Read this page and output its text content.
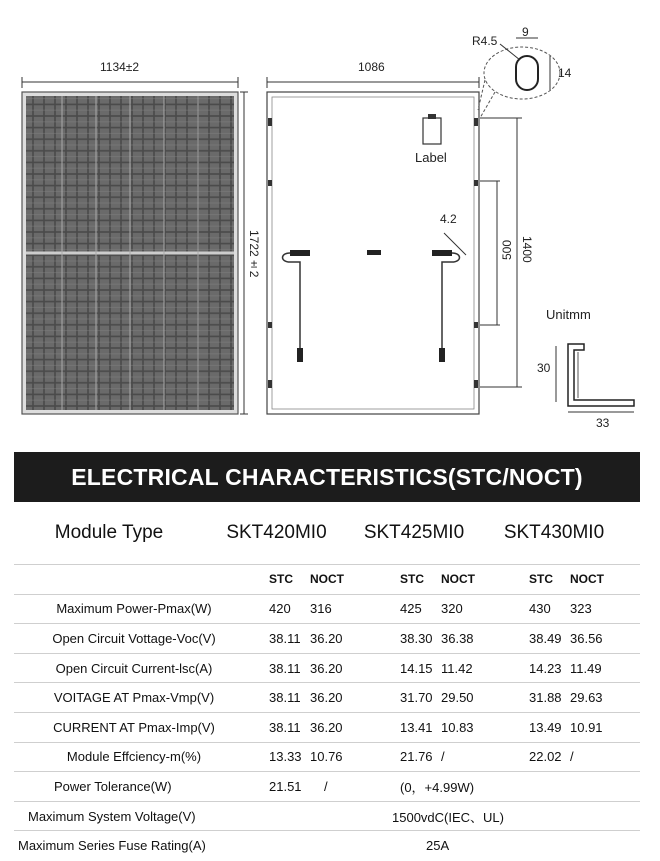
1134±2
1722±2
1086
Label
R4.5
9
14
4.2
500 1400
Unitmm
30
33
ELECTRICAL CHARACTERISTICS(STC/NOCT)
Module Type	SKT420MI0	SKT425MI0	SKT430MI0
STC NOCT	STC NOCT	STC NOCT
Maximum Power-Pmax(W)	420 316	425 320	430 323
Open Circuit Vottage-Voc(V)	38.11 36.20	38.30 36.38	38.49 36.56
Open Circuit Current-lsc(A)	38.11 36.20	14.15 11.42	14.23 11.49
VOITAGE AT Pmax-Vmp(V)	38.11 36.20	31.70 29.50	31.88 29.63
CURRENT AT Pmax-Imp(V)	38.11 36.20	13.41 10.83	13.49 10.91
Module Effciency-m(%)	13.33 10.76	21.76 /	22.02 /
Power Tolerance(W)	21.51 /	(0，+4.99W)
Maximum System Voltage(V)	1500vdC(IEC、UL)
Maximum Series Fuse Rating(A)	25A
